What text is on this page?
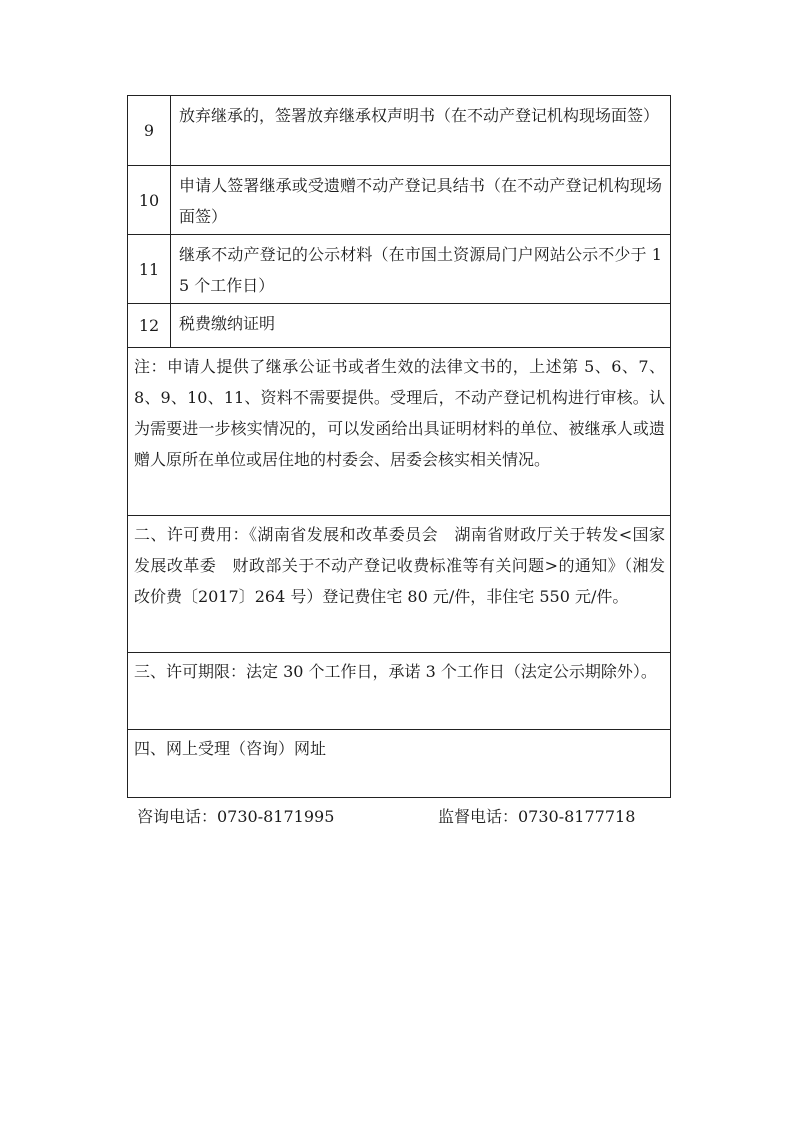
9	放弃继承的，签署放弃继承权声明书（在不动产登记机构现场面签）
10	申请人签署继承或受遗赠不动产登记具结书（在不动产登记机构现场面签）
11	继承不动产登记的公示材料（在市国土资源局门户网站公示不少于 15 个工作日）
12	税费缴纳证明
注：申请人提供了继承公证书或者生效的法律文书的，上述第 5、6、7、8、9、10、11、资料不需要提供。受理后，不动产登记机构进行审核。认为需要进一步核实情况的，可以发函给出具证明材料的单位、被继承人或遗赠人原所在单位或居住地的村委会、居委会核实相关情况。	
二、许可费用：《湖南省发展和改革委员会　湖南省财政厅关于转发<国家发展改革委　财政部关于不动产登记收费标准等有关问题>的通知》（湘发改价费〔2017〕264 号）登记费住宅 80 元/件，非住宅 550 元/件。	
三、许可期限：法定 30 个工作日，承诺 3 个工作日（法定公示期除外）。	
四、网上受理（咨询）网址	
咨询电话：0730-8171995	监督电话：0730-8177718
